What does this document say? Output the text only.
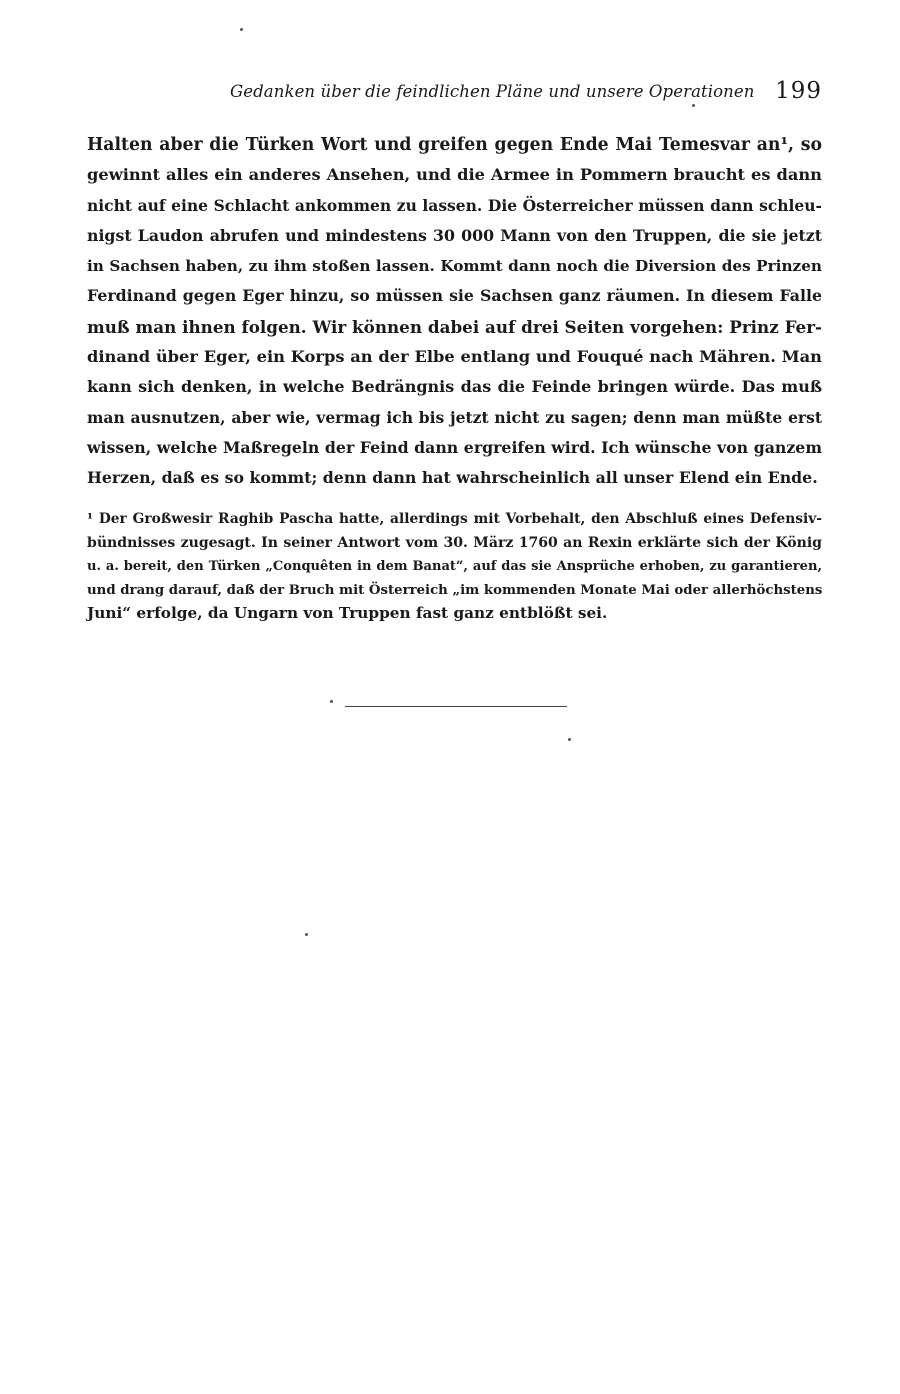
Gedanken über die feindlichen Pläne und unsere Operationen 199
Halten aber die Türken Wort und greifen gegen Ende Mai Temesvar an¹, so
gewinnt alles ein anderes Ansehen, und die Armee in Pommern braucht es dann
nicht auf eine Schlacht ankommen zu lassen. Die Österreicher müssen dann schleu-
nigst Laudon abrufen und mindestens 30 000 Mann von den Truppen, die sie jetzt
in Sachsen haben, zu ihm stoßen lassen. Kommt dann noch die Diversion des Prinzen
Ferdinand gegen Eger hinzu, so müssen sie Sachsen ganz räumen. In diesem Falle
muß man ihnen folgen. Wir können dabei auf drei Seiten vorgehen: Prinz Fer-
dinand über Eger, ein Korps an der Elbe entlang und Fouqué nach Mähren. Man
kann sich denken, in welche Bedrängnis das die Feinde bringen würde. Das muß
man ausnutzen, aber wie, vermag ich bis jetzt nicht zu sagen; denn man müßte erst
wissen, welche Maßregeln der Feind dann ergreifen wird. Ich wünsche von ganzem
Herzen, daß es so kommt; denn dann hat wahrscheinlich all unser Elend ein Ende.
¹ Der Großwesir Raghib Pascha hatte, allerdings mit Vorbehalt, den Abschluß eines Defensiv-
bündnisses zugesagt. In seiner Antwort vom 30. März 1760 an Rexin erklärte sich der König
u. a. bereit, den Türken „Conquêten in dem Banat“, auf das sie Ansprüche erhoben, zu garantieren,
und drang darauf, daß der Bruch mit Österreich „im kommenden Monate Mai oder allerhöchstens
Juni“ erfolge, da Ungarn von Truppen fast ganz entblößt sei.
